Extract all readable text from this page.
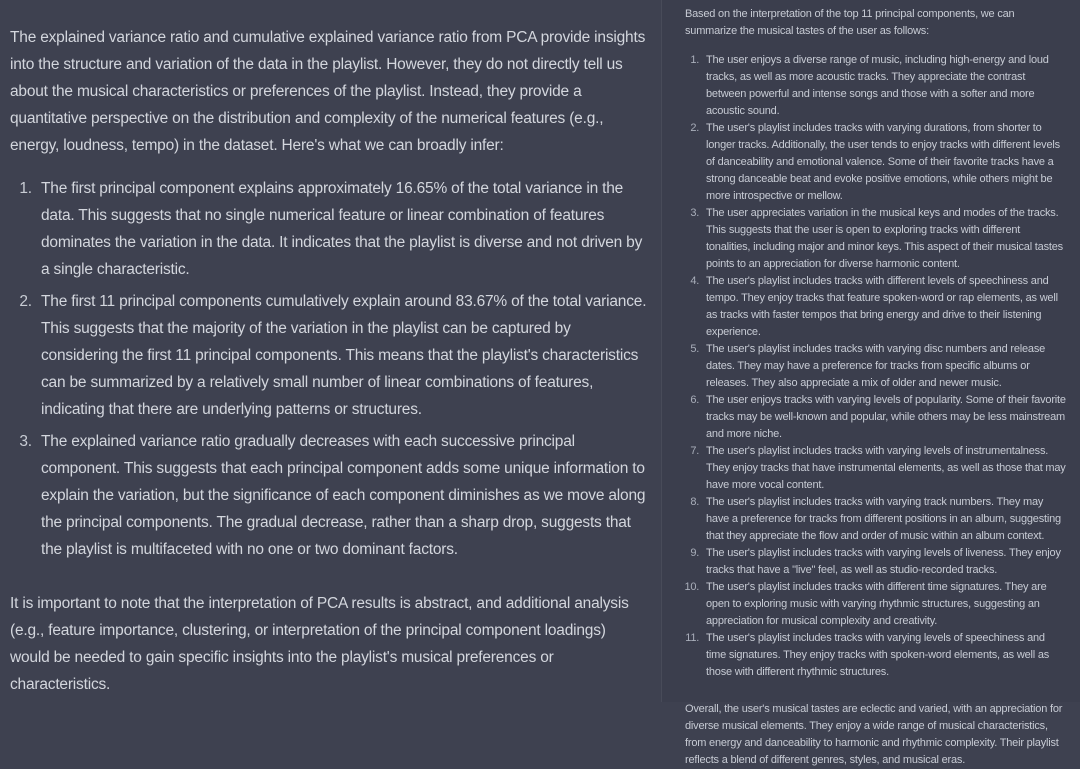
The explained variance ratio and cumulative explained variance ratio from PCA provide insights into the structure and variation of the data in the playlist. However, they do not directly tell us about the musical characteristics or preferences of the playlist. Instead, they provide a quantitative perspective on the distribution and complexity of the numerical features (e.g., energy, loudness, tempo) in the dataset. Here's what we can broadly infer:

1. The first principal component explains approximately 16.65% of the total variance in the data. This suggests that no single numerical feature or linear combination of features dominates the variation in the data. It indicates that the playlist is diverse and not driven by a single characteristic.
2. The first 11 principal components cumulatively explain around 83.67% of the total variance. This suggests that the majority of the variation in the playlist can be captured by considering the first 11 principal components. This means that the playlist's characteristics can be summarized by a relatively small number of linear combinations of features, indicating that there are underlying patterns or structures.
3. The explained variance ratio gradually decreases with each successive principal component. This suggests that each principal component adds some unique information to explain the variation, but the significance of each component diminishes as we move along the principal components. The gradual decrease, rather than a sharp drop, suggests that the playlist is multifaceted with no one or two dominant factors.

It is important to note that the interpretation of PCA results is abstract, and additional analysis (e.g., feature importance, clustering, or interpretation of the principal component loadings) would be needed to gain specific insights into the playlist's musical preferences or characteristics.

Based on the interpretation of the top 11 principal components, we can summarize the musical tastes of the user as follows:

1. The user enjoys a diverse range of music, including high-energy and loud tracks, as well as more acoustic tracks. They appreciate the contrast between powerful and intense songs and those with a softer and more acoustic sound.
2. The user's playlist includes tracks with varying durations, from shorter to longer tracks. Additionally, the user tends to enjoy tracks with different levels of danceability and emotional valence. Some of their favorite tracks have a strong danceable beat and evoke positive emotions, while others might be more introspective or mellow.
3. The user appreciates variation in the musical keys and modes of the tracks. This suggests that the user is open to exploring tracks with different tonalities, including major and minor keys. This aspect of their musical tastes points to an appreciation for diverse harmonic content.
4. The user's playlist includes tracks with different levels of speechiness and tempo. They enjoy tracks that feature spoken-word or rap elements, as well as tracks with faster tempos that bring energy and drive to their listening experience.
5. The user's playlist includes tracks with varying disc numbers and release dates. They may have a preference for tracks from specific albums or releases. They also appreciate a mix of older and newer music.
6. The user enjoys tracks with varying levels of popularity. Some of their favorite tracks may be well-known and popular, while others may be less mainstream and more niche.
7. The user's playlist includes tracks with varying levels of instrumentalness. They enjoy tracks that have instrumental elements, as well as those that may have more vocal content.
8. The user's playlist includes tracks with varying track numbers. They may have a preference for tracks from different positions in an album, suggesting that they appreciate the flow and order of music within an album context.
9. The user's playlist includes tracks with varying levels of liveness. They enjoy tracks that have a "live" feel, as well as studio-recorded tracks.
10. The user's playlist includes tracks with different time signatures. They are open to exploring music with varying rhythmic structures, suggesting an appreciation for musical complexity and creativity.
11. The user's playlist includes tracks with varying levels of speechiness and time signatures. They enjoy tracks with spoken-word elements, as well as those with different rhythmic structures.

Overall, the user's musical tastes are eclectic and varied, with an appreciation for diverse musical elements. They enjoy a wide range of musical characteristics, from energy and danceability to harmonic and rhythmic complexity. Their playlist reflects a blend of different genres, styles, and musical eras.
